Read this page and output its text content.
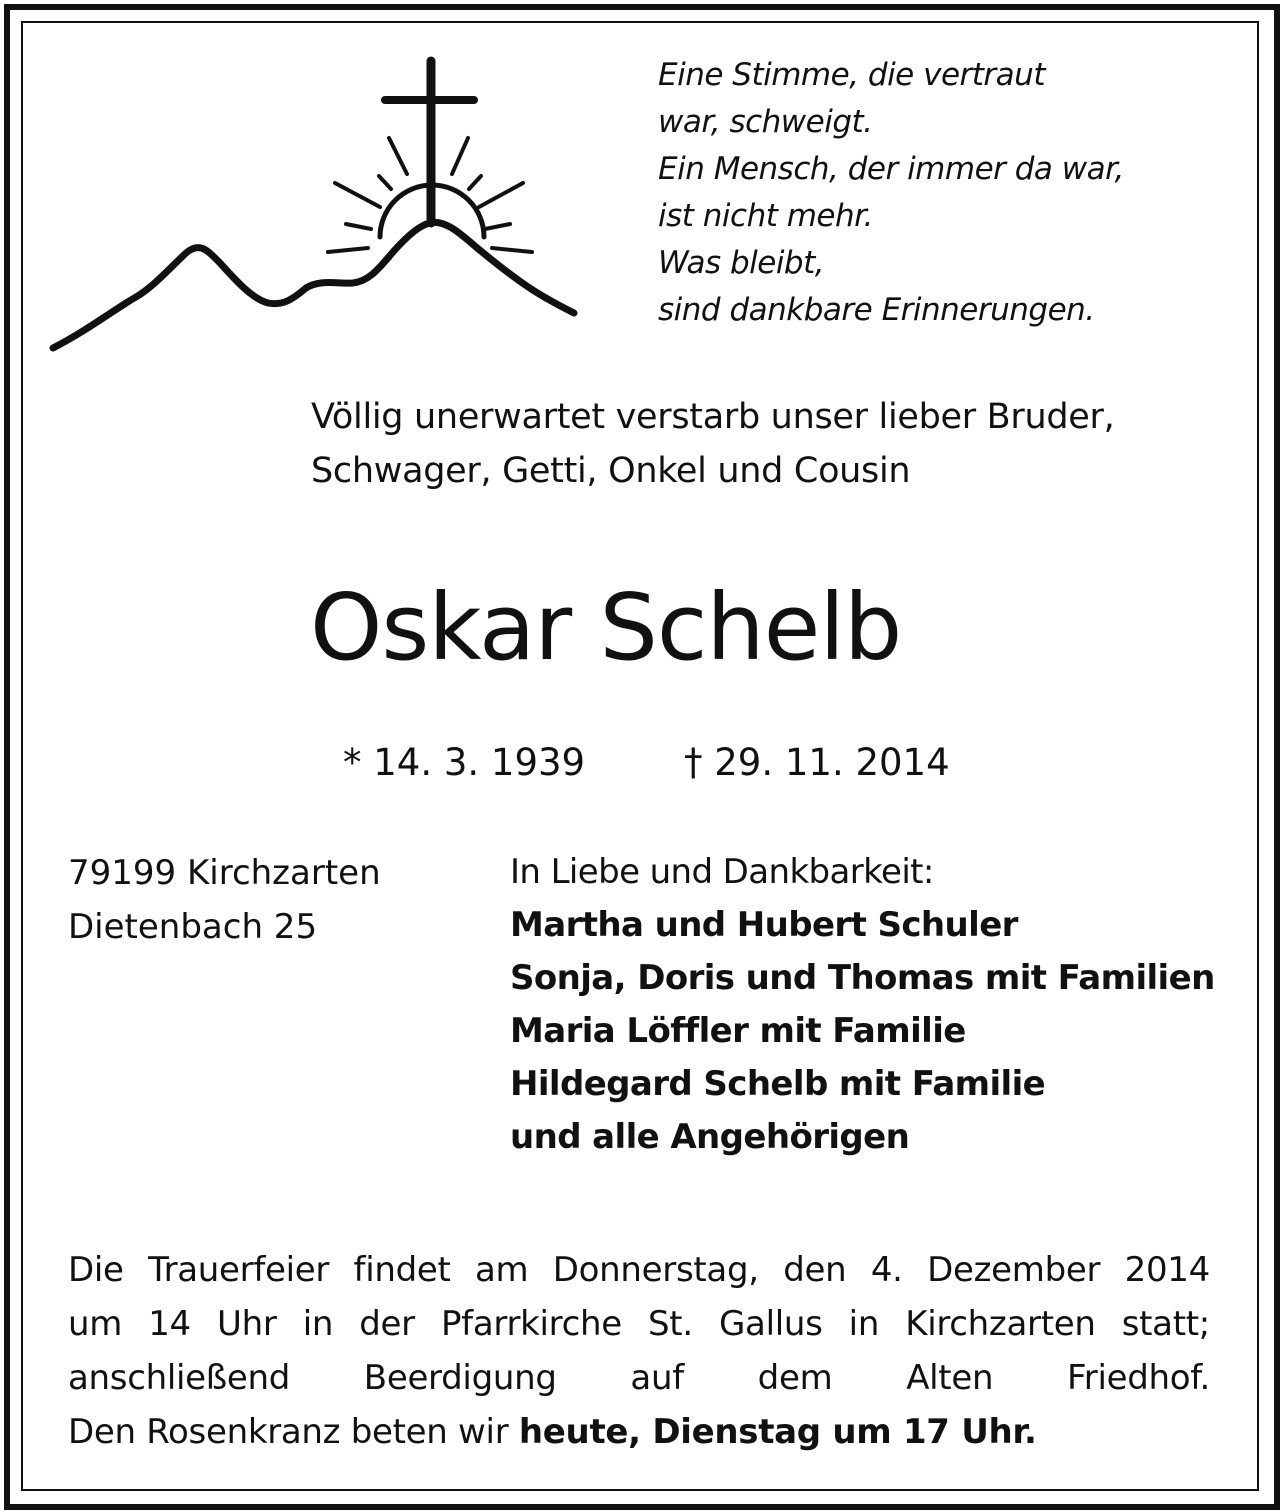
Eine Stimme, die vertraut
war, schweigt.
Ein Mensch, der immer da war,
ist nicht mehr.
Was bleibt,
sind dankbare Erinnerungen.
Völlig unerwartet verstarb unser lieber Bruder,
Schwager, Getti, Onkel und Cousin
Oskar Schelb
* 14. 3. 1939	† 29. 11. 2014
79199 Kirchzarten
Dietenbach 25
In Liebe und Dankbarkeit:
Martha und Hubert Schuler
Sonja, Doris und Thomas mit Familien
Maria Löffler mit Familie
Hildegard Schelb mit Familie
und alle Angehörigen
Die Trauerfeier findet am Donnerstag, den 4. Dezember 2014
um 14 Uhr in der Pfarrkirche St. Gallus in Kirchzarten statt;
anschließend Beerdigung auf dem Alten Friedhof.
Den Rosenkranz beten wir heute, Dienstag um 17 Uhr.
